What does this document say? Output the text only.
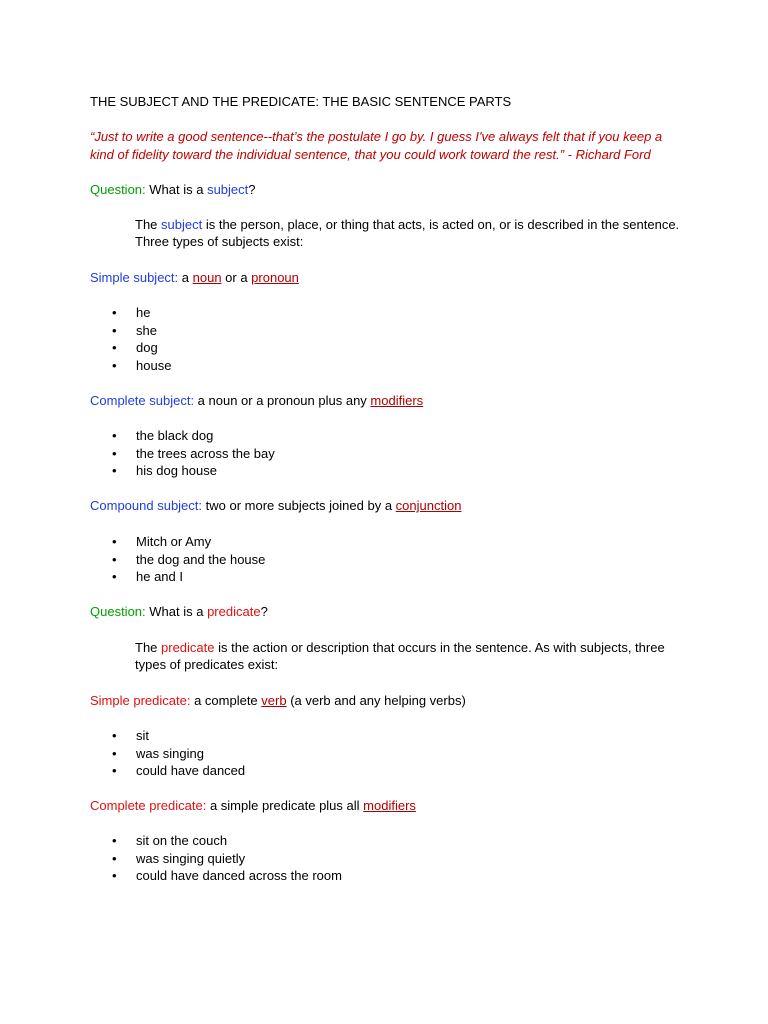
THE SUBJECT AND THE PREDICATE: THE BASIC SENTENCE PARTS
“Just to write a good sentence--that’s the postulate I go by. I guess I've always felt that if you keep a
kind of fidelity toward the individual sentence, that you could work toward the rest.” - Richard Ford
Question: What is a subject?
The subject is the person, place, or thing that acts, is acted on, or is described in the sentence.
Three types of subjects exist:
Simple subject: a noun or a pronoun
• he
• she
• dog
• house
Complete subject: a noun or a pronoun plus any modifiers
• the black dog
• the trees across the bay
• his dog house
Compound subject: two or more subjects joined by a conjunction
• Mitch or Amy
• the dog and the house
• he and I
Question: What is a predicate?
The predicate is the action or description that occurs in the sentence. As with subjects, three
types of predicates exist:
Simple predicate: a complete verb (a verb and any helping verbs)
• sit
• was singing
• could have danced
Complete predicate: a simple predicate plus all modifiers
• sit on the couch
• was singing quietly
• could have danced across the room
